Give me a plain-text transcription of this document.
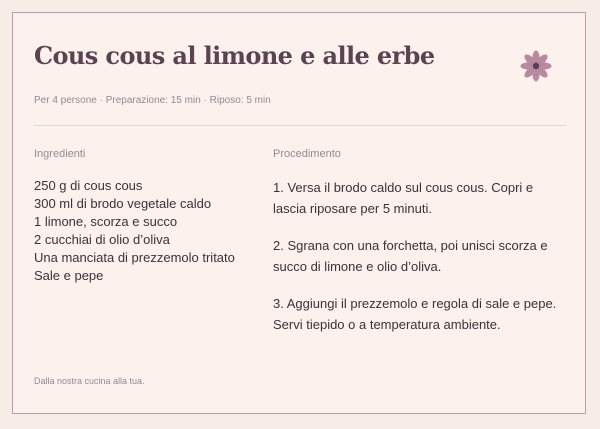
Cous cous al limone e alle erbe
Per 4 persone · Preparazione: 15 min · Riposo: 5 min
Ingredienti	Procedimento
250 g di cous cous
300 ml di brodo vegetale caldo
1 limone, scorza e succo
2 cucchiai di olio d’oliva
Una manciata di prezzemolo tritato
Sale e pepe
1. Versa il brodo caldo sul cous cous. Copri e lascia riposare per 5 minuti.
2. Sgrana con una forchetta, poi unisci scorza e succo di limone e olio d’oliva.
3. Aggiungi il prezzemolo e regola di sale e pepe. Servi tiepido o a temperatura ambiente.
Dalla nostra cucina alla tua.
